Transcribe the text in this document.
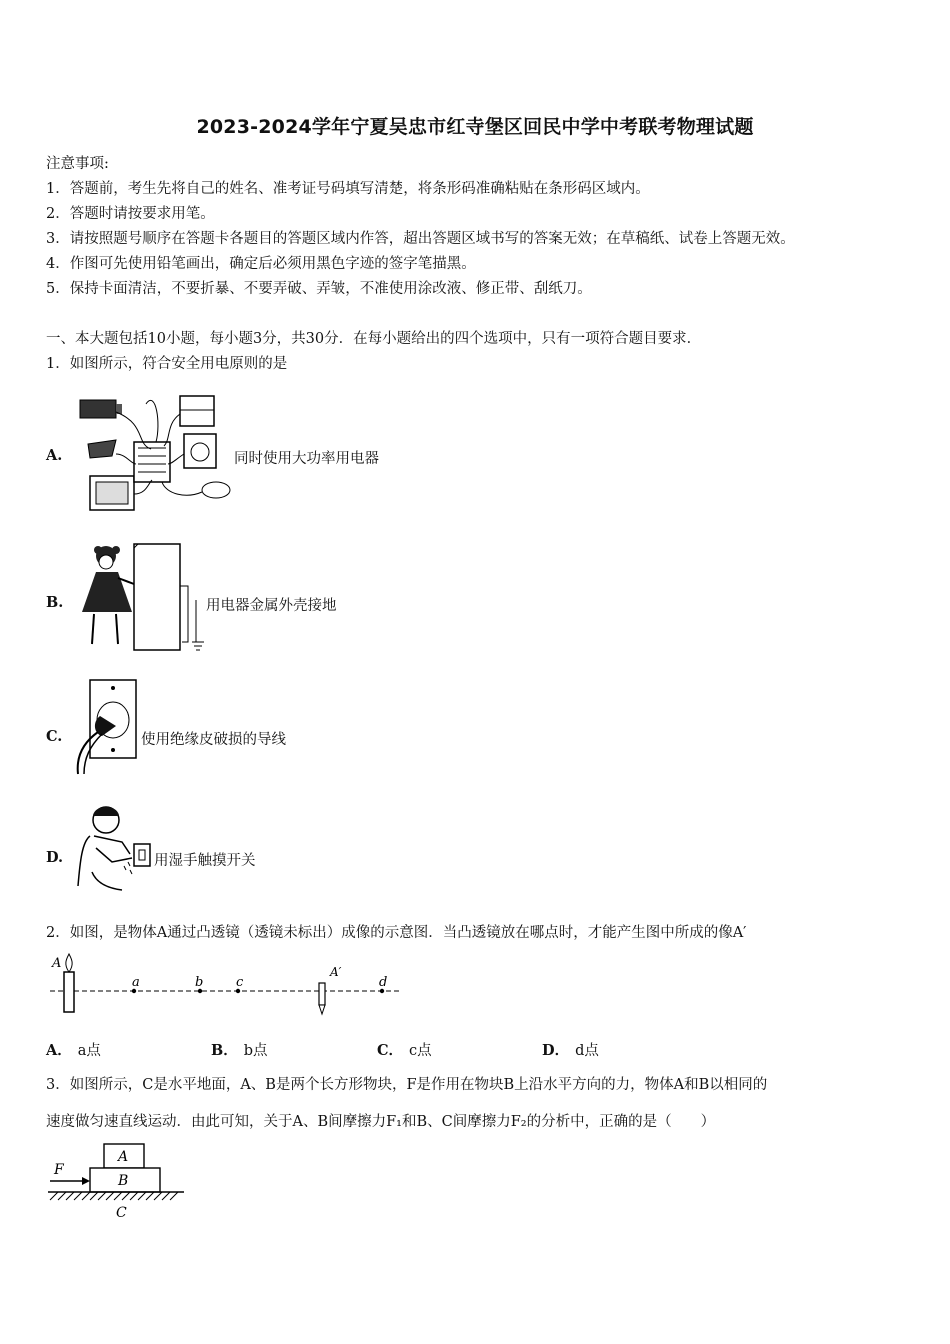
2023-2024学年宁夏吴忠市红寺堡区回民中学中考联考物理试题
注意事项:
1．答题前，考生先将自己的姓名、准考证号码填写清楚，将条形码准确粘贴在条形码区域内。
2．答题时请按要求用笔。
3．请按照题号顺序在答题卡各题目的答题区域内作答，超出答题区域书写的答案无效；在草稿纸、试卷上答题无效。
4．作图可先使用铅笔画出，确定后必须用黑色字迹的签字笔描黑。
5．保持卡面清洁，不要折暴、不要弄破、弄皱，不准使用涂改液、修正带、刮纸刀。
一、本大题包括10小题，每小题3分，共30分．在每小题给出的四个选项中，只有一项符合题目要求．
1．如图所示，符合安全用电原则的是
A.	同时使用大功率用电器
B.	用电器金属外壳接地
C.	使用绝缘皮破损的导线
D.	用湿手触摸开关
2．如图，是物体A通过凸透镜（透镜未标出）成像的示意图．当凸透镜放在哪点时，才能产生图中所成的像A′
A
a	b	c
A′
d
A． a点	B． b点	C． c点	D． d点
3．如图所示，C是水平地面，A、B是两个长方形物块，F是作用在物块B上沿水平方向的力，物体A和B以相同的
速度做匀速直线运动．由此可知，关于A、B间摩擦力F₁和B、C间摩擦力F₂的分析中，正确的是（　　）
A
B
F
C
